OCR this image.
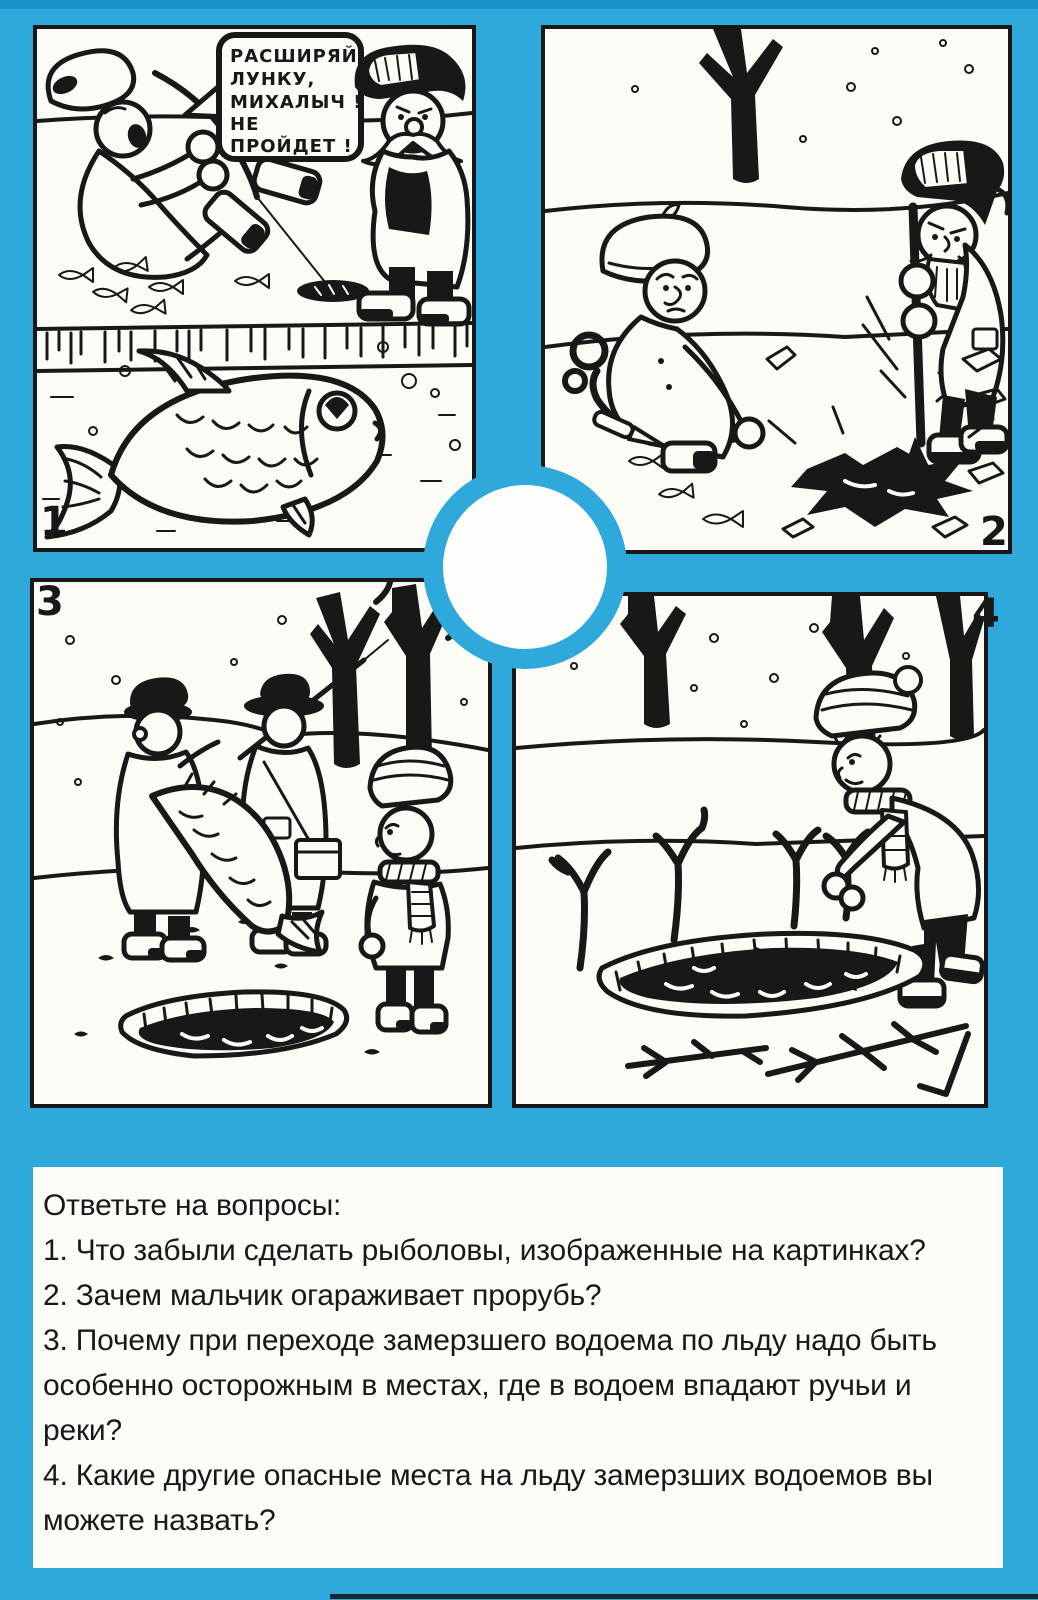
РАСШИРЯЙ
ЛУНКУ,
МИХАЛЫЧ !
НЕ
ПРОЙДЕТ !
1	2
3	4

Ответьте на вопросы:

1. Что забыли сделать рыболовы, изображенные на картинках?

2. Зачем мальчик огараживает прорубь?

3. Почему при переходе замерзшего водоема по льду надо быть особенно осторожным в местах, где в водоем впадают ручьи и реки?

4. Какие другие опасные места на льду замерзших водоемов вы можете назвать?
